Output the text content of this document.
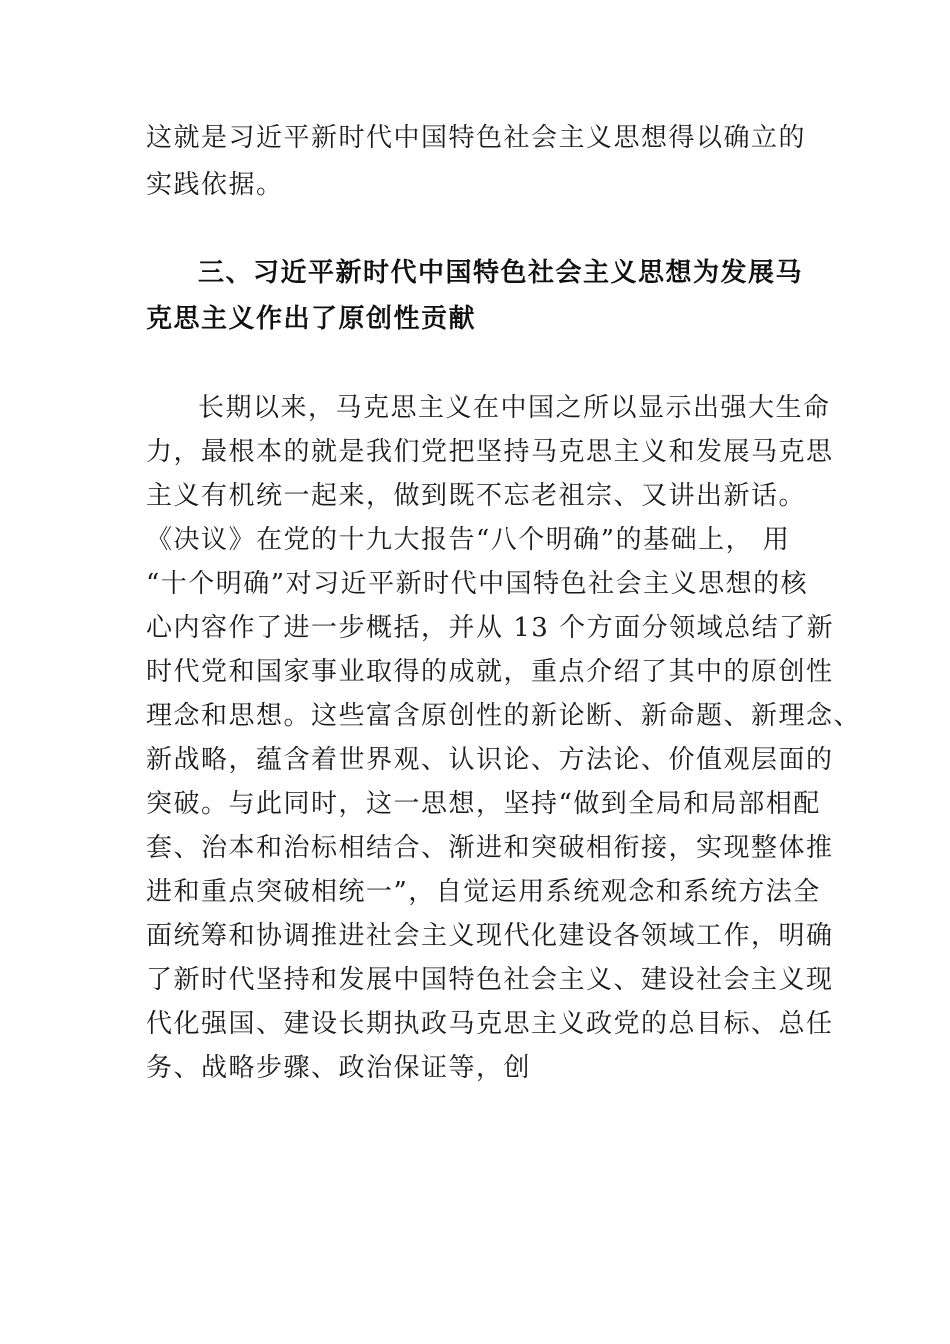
这就是习近平新时代中国特色社会主义思想得以确立的
实践依据。
三、习近平新时代中国特色社会主义思想为发展马
克思主义作出了原创性贡献
长期以来，马克思主义在中国之所以显示出强大生命
力，最根本的就是我们党把坚持马克思主义和发展马克思
主义有机统一起来，做到既不忘老祖宗、又讲出新话。
《决议》在党的十九大报告“八个明确”的基础上， 用
“十个明确”对习近平新时代中国特色社会主义思想的核
心内容作了进一步概括，并从 13 个方面分领域总结了新
时代党和国家事业取得的成就，重点介绍了其中的原创性
理念和思想。这些富含原创性的新论断、新命题、新理念、
新战略，蕴含着世界观、认识论、方法论、价值观层面的
突破。与此同时，这一思想，坚持“做到全局和局部相配
套、治本和治标相结合、渐进和突破相衔接，实现整体推
进和重点突破相统一”，自觉运用系统观念和系统方法全
面统筹和协调推进社会主义现代化建设各领域工作，明确
了新时代坚持和发展中国特色社会主义、建设社会主义现
代化强国、建设长期执政马克思主义政党的总目标、总任
务、战略步骤、政治保证等，创
